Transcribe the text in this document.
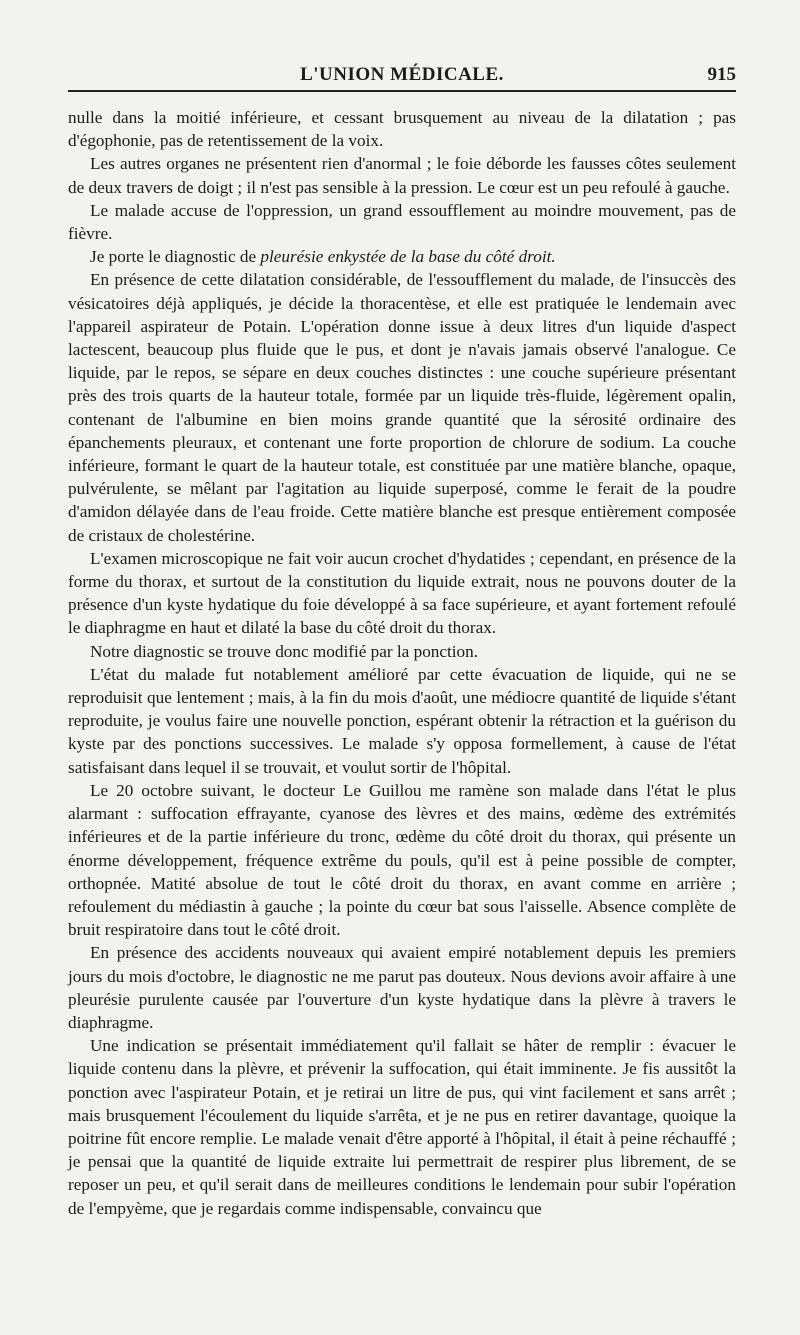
L'UNION MÉDICALE.	915

nulle dans la moitié inférieure, et cessant brusquement au niveau de la dilatation ; pas d'égophonie, pas de retentissement de la voix.

Les autres organes ne présentent rien d'anormal ; le foie déborde les fausses côtes seulement de deux travers de doigt ; il n'est pas sensible à la pression. Le cœur est un peu refoulé à gauche.

Le malade accuse de l'oppression, un grand essoufflement au moindre mouvement, pas de fièvre.

Je porte le diagnostic de pleurésie enkystée de la base du côté droit.

En présence de cette dilatation considérable, de l'essoufflement du malade, de l'insuccès des vésicatoires déjà appliqués, je décide la thoracentèse, et elle est pratiquée le lendemain avec l'appareil aspirateur de Potain. L'opération donne issue à deux litres d'un liquide d'aspect lactescent, beaucoup plus fluide que le pus, et dont je n'avais jamais observé l'analogue. Ce liquide, par le repos, se sépare en deux couches distinctes : une couche supérieure présentant près des trois quarts de la hauteur totale, formée par un liquide très-fluide, légèrement opalin, contenant de l'albumine en bien moins grande quantité que la sérosité ordinaire des épanchements pleuraux, et contenant une forte proportion de chlorure de sodium. La couche inférieure, formant le quart de la hauteur totale, est constituée par une matière blanche, opaque, pulvérulente, se mêlant par l'agitation au liquide superposé, comme le ferait de la poudre d'amidon délayée dans de l'eau froide. Cette matière blanche est presque entièrement composée de cristaux de cholestérine.

L'examen microscopique ne fait voir aucun crochet d'hydatides ; cependant, en présence de la forme du thorax, et surtout de la constitution du liquide extrait, nous ne pouvons douter de la présence d'un kyste hydatique du foie développé à sa face supérieure, et ayant fortement refoulé le diaphragme en haut et dilaté la base du côté droit du thorax.

Notre diagnostic se trouve donc modifié par la ponction.

L'état du malade fut notablement amélioré par cette évacuation de liquide, qui ne se reproduisit que lentement ; mais, à la fin du mois d'août, une médiocre quantité de liquide s'étant reproduite, je voulus faire une nouvelle ponction, espérant obtenir la rétraction et la guérison du kyste par des ponctions successives. Le malade s'y opposa formellement, à cause de l'état satisfaisant dans lequel il se trouvait, et voulut sortir de l'hôpital.

Le 20 octobre suivant, le docteur Le Guillou me ramène son malade dans l'état le plus alarmant : suffocation effrayante, cyanose des lèvres et des mains, œdème des extrémités inférieures et de la partie inférieure du tronc, œdème du côté droit du thorax, qui présente un énorme développement, fréquence extrême du pouls, qu'il est à peine possible de compter, orthopnée. Matité absolue de tout le côté droit du thorax, en avant comme en arrière ; refoulement du médiastin à gauche ; la pointe du cœur bat sous l'aisselle. Absence complète de bruit respiratoire dans tout le côté droit.

En présence des accidents nouveaux qui avaient empiré notablement depuis les premiers jours du mois d'octobre, le diagnostic ne me parut pas douteux. Nous devions avoir affaire à une pleurésie purulente causée par l'ouverture d'un kyste hydatique dans la plèvre à travers le diaphragme.

Une indication se présentait immédiatement qu'il fallait se hâter de remplir : évacuer le liquide contenu dans la plèvre, et prévenir la suffocation, qui était imminente. Je fis aussitôt la ponction avec l'aspirateur Potain, et je retirai un litre de pus, qui vint facilement et sans arrêt ; mais brusquement l'écoulement du liquide s'arrêta, et je ne pus en retirer davantage, quoique la poitrine fût encore remplie. Le malade venait d'être apporté à l'hôpital, il était à peine réchauffé ; je pensai que la quantité de liquide extraite lui permettrait de respirer plus librement, de se reposer un peu, et qu'il serait dans de meilleures conditions le lendemain pour subir l'opération de l'empyème, que je regardais comme indispensable, convaincu que
